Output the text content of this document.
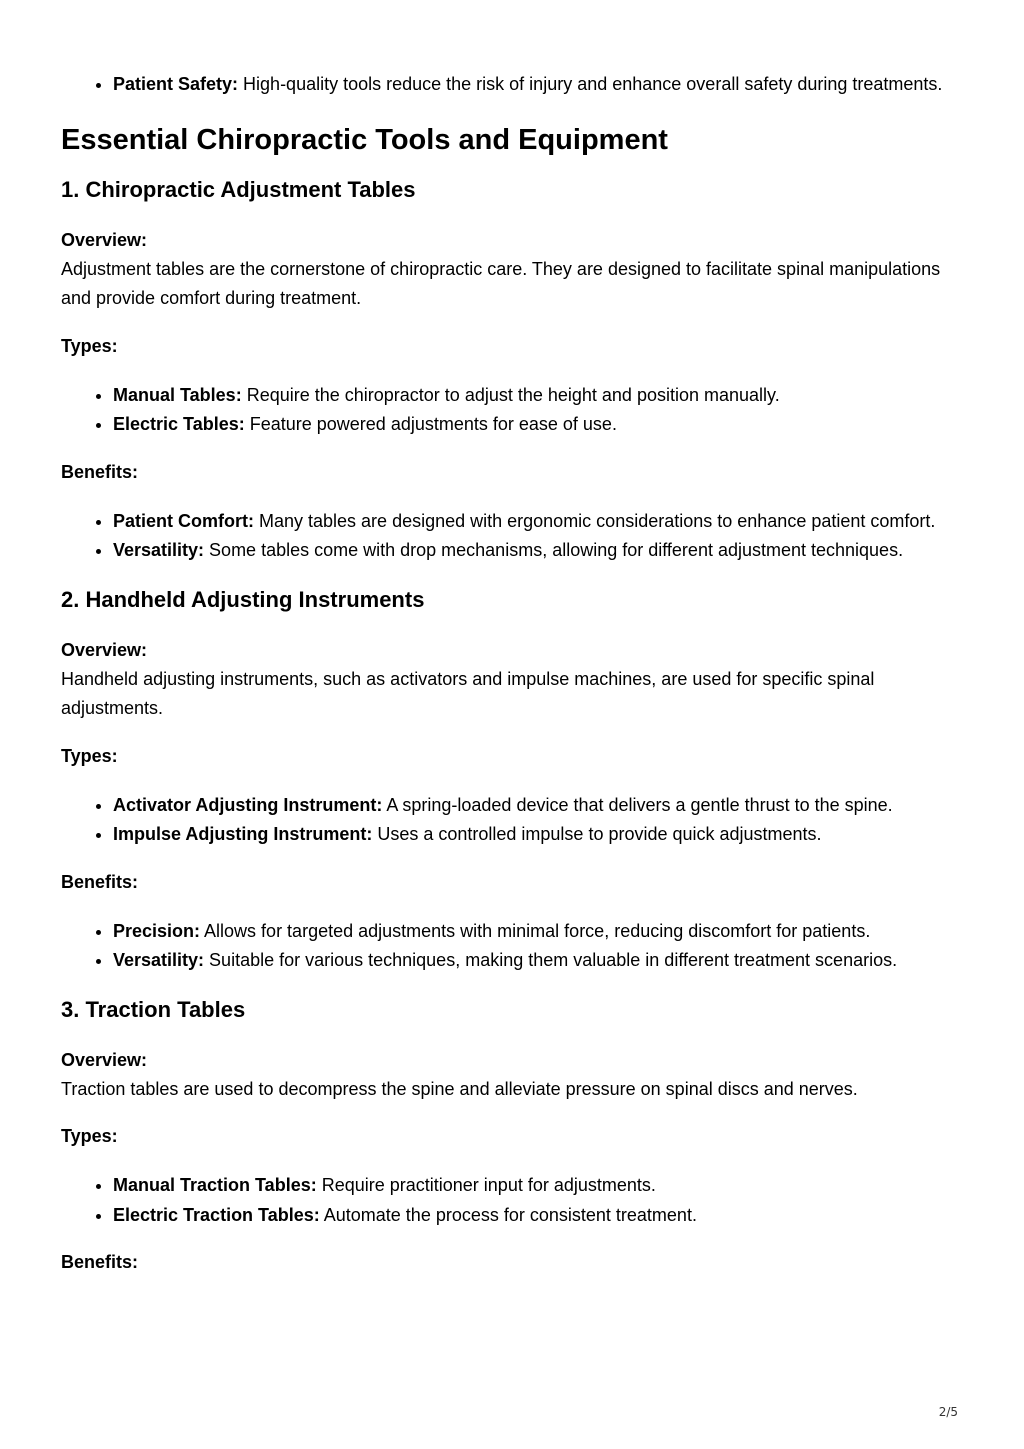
• Patient Safety: High-quality tools reduce the risk of injury and enhance overall safety during treatments.
Essential Chiropractic Tools and Equipment
1. Chiropractic Adjustment Tables
Overview:

Adjustment tables are the cornerstone of chiropractic care. They are designed to facilitate spinal manipulations and provide comfort during treatment.

Types:
• Manual Tables: Require the chiropractor to adjust the height and position manually.
• Electric Tables: Feature powered adjustments for ease of use.
Benefits:
• Patient Comfort: Many tables are designed with ergonomic considerations to enhance patient comfort.
• Versatility: Some tables come with drop mechanisms, allowing for different adjustment techniques.
2. Handheld Adjusting Instruments
Overview:

Handheld adjusting instruments, such as activators and impulse machines, are used for specific spinal adjustments.

Types:
• Activator Adjusting Instrument: A spring-loaded device that delivers a gentle thrust to the spine.
• Impulse Adjusting Instrument: Uses a controlled impulse to provide quick adjustments.
Benefits:
• Precision: Allows for targeted adjustments with minimal force, reducing discomfort for patients.
• Versatility: Suitable for various techniques, making them valuable in different treatment scenarios.
3. Traction Tables
Overview:

Traction tables are used to decompress the spine and alleviate pressure on spinal discs and nerves.

Types:
• Manual Traction Tables: Require practitioner input for adjustments.
• Electric Traction Tables: Automate the process for consistent treatment.
Benefits:
2/5
